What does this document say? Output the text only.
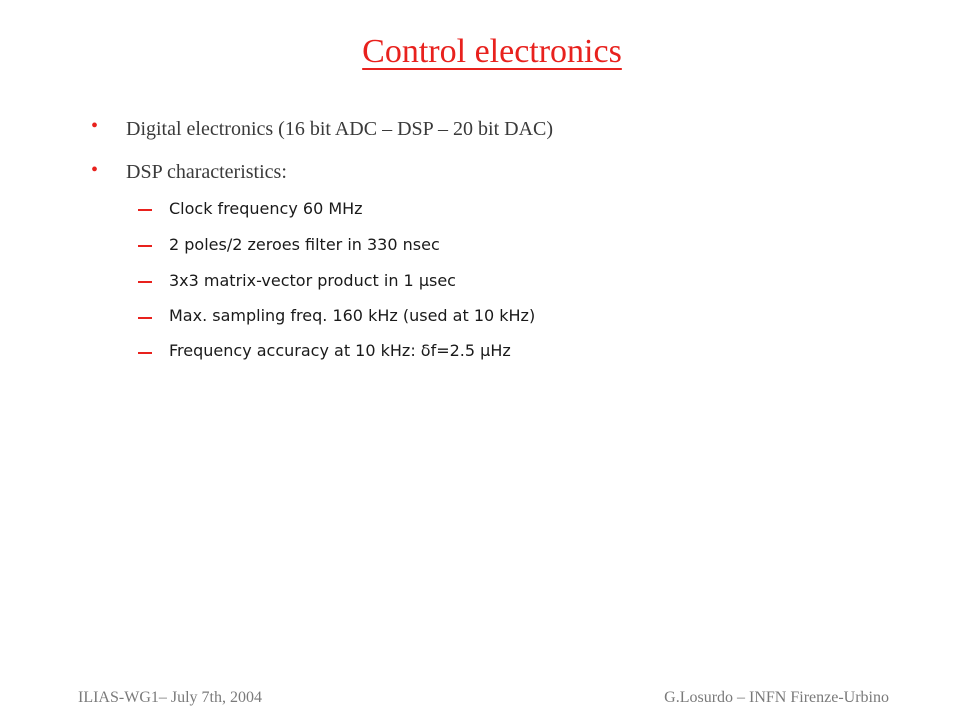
Control electronics
• Digital electronics (16 bit ADC – DSP – 20 bit DAC)
• DSP characteristics:
Clock frequency 60 MHz
2 poles/2 zeroes filter in 330 nsec
3x3 matrix-vector product in 1 μsec
Max. sampling freq. 160 kHz (used at 10 kHz)
Frequency accuracy at 10 kHz: δf=2.5 μHz
ILIAS-WG1– July 7th, 2004	G.Losurdo – INFN Firenze-Urbino
